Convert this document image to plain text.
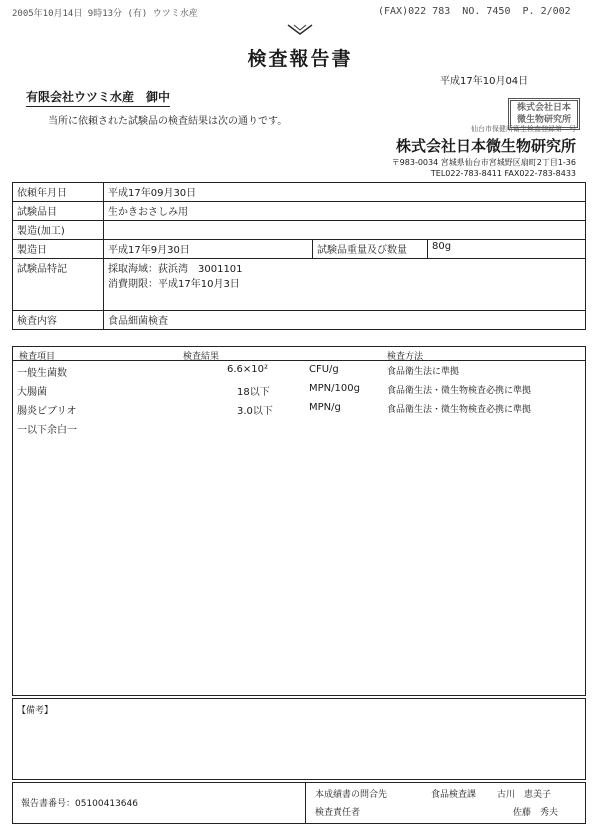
2005年10月14日 9時13分 (有) ウツミ水産	(FAX)022 783 NO. 7450 P. 2/002
検査報告書
平成17年10月04日
有限会社ウツミ水産　御中
当所に依頼された試験品の検査結果は次の通りです。
株式会社日本微生物研究所
仙台市保健所衛生検査登録第　号
株式会社日本微生物研究所
〒983-0034 宮城県仙台市宮城野区扇町2丁目1-36
TEL022-783-8411 FAX022-783-8433
依頼年月日	平成17年09月30日		
試験品目	生かきおさしみ用		
製造(加工)			
製造日	平成17年9月30日	試験品重量及び数量	80g
試験品特記	採取海域：荻浜湾　3001101
消費期限：平成17年10月3日		

検査内容	食品細菌検査		
検査項目	検査結果	検査方法
一般生菌数	6.6×10²	CFU/g	食品衛生法に準拠
大腸菌	18以下	MPN/100g	食品衛生法・微生物検査必携に準拠
腸炎ビブリオ	3.0以下	MPN/g	食品衛生法・微生物検査必携に準拠
一以下余白一
【備考】
報告書番号：05100413646
本成績書の問合先	食品検査課 古川　恵美子
検査責任者	佐藤　秀夫
